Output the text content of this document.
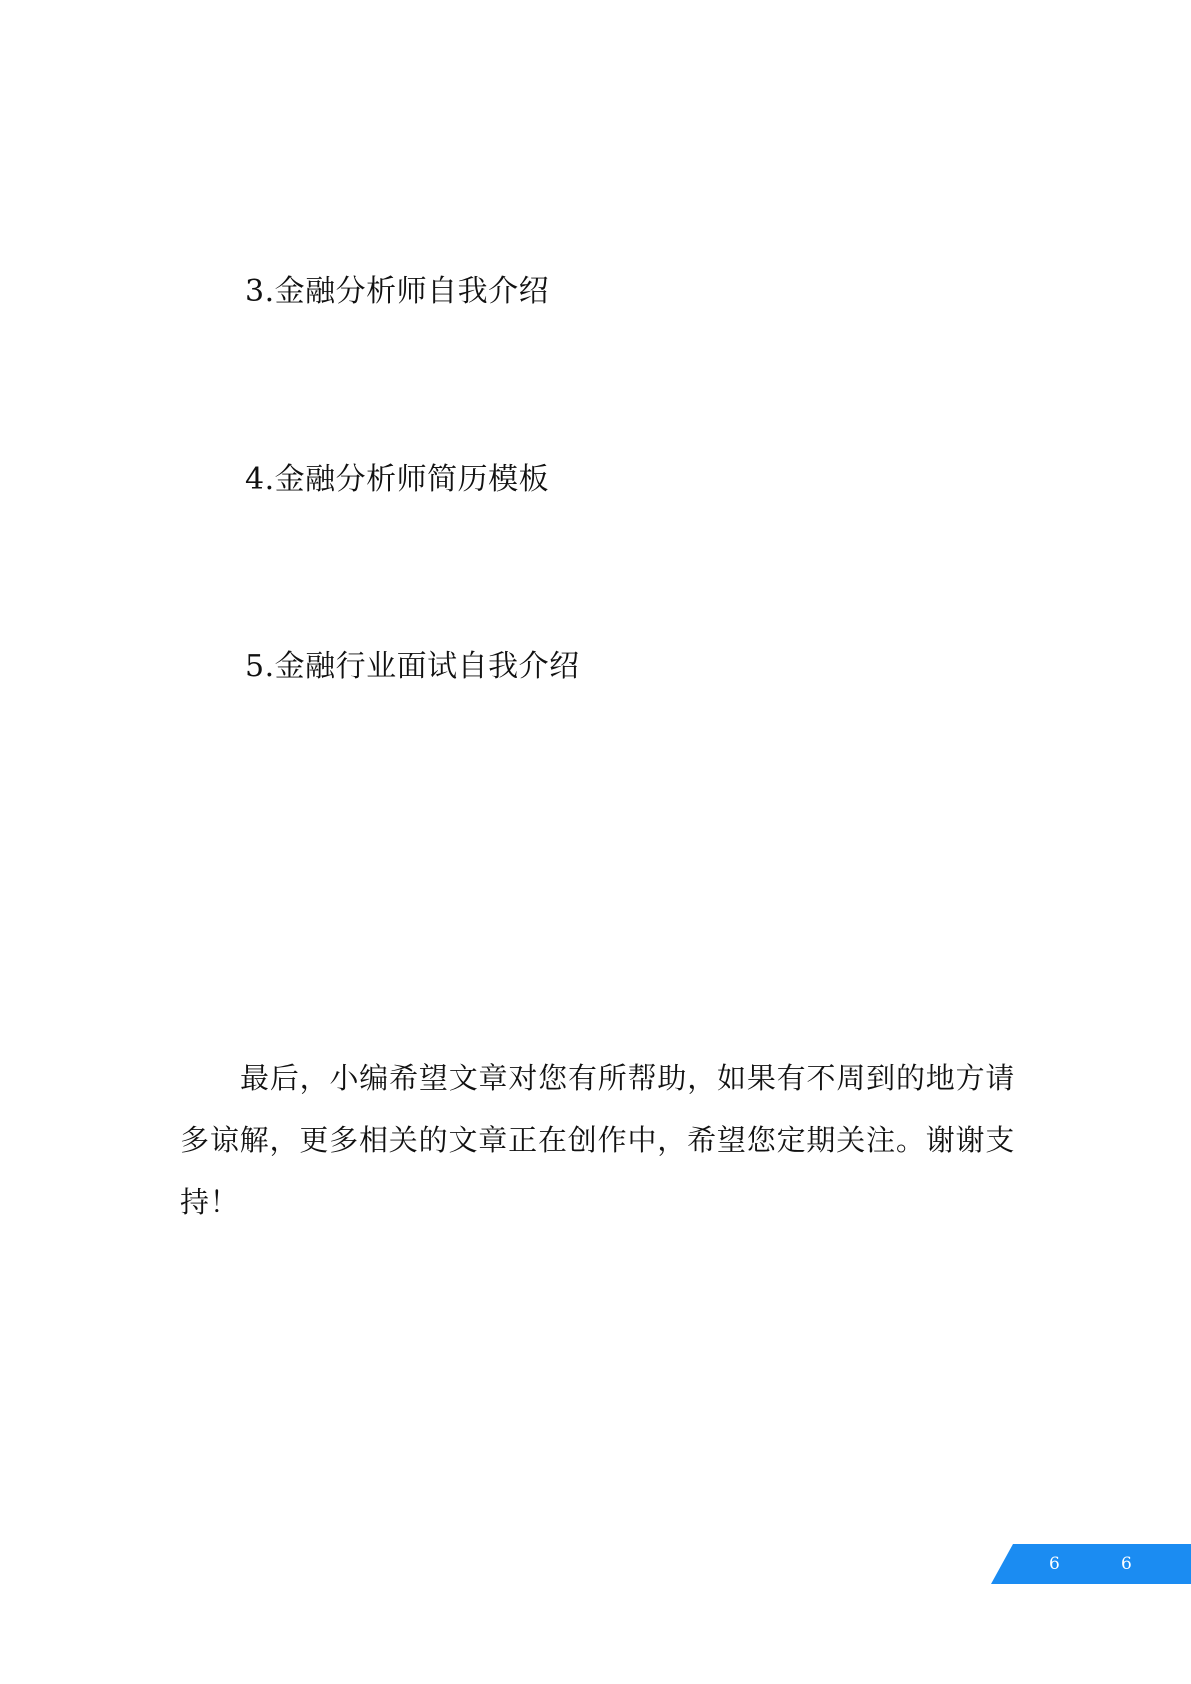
3.金融分析师自我介绍
4.金融分析师简历模板
5.金融行业面试自我介绍

最后，小编希望文章对您有所帮助，如果有不周到的地方请多谅解，更多相关的文章正在创作中，希望您定期关注。谢谢支持！

6	6
